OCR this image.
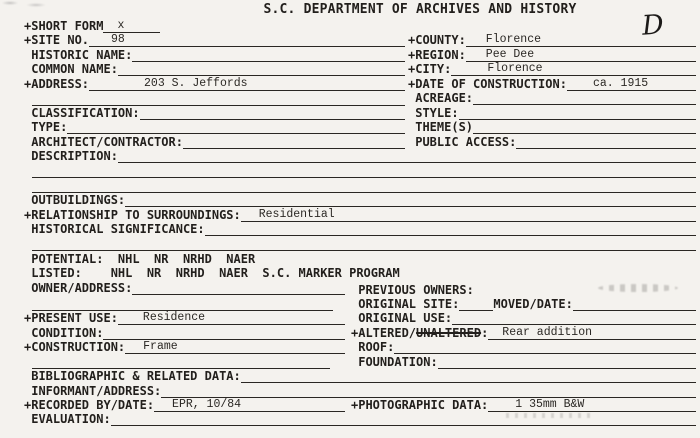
S.C. DEPARTMENT OF ARCHIVES AND HISTORY	D
+SHORT FORM	x
+SITE NO.	98	+COUNTY:	Florence
HISTORIC NAME:	+REGION:	Pee Dee
COMMON NAME:	+CITY:	Florence
+ADDRESS:	203 S. Jeffords	+DATE OF CONSTRUCTION:	ca. 1915
ACREAGE:
CLASSIFICATION:	STYLE:
TYPE:	THEME(S)
ARCHITECT/CONTRACTOR:	PUBLIC ACCESS:
DESCRIPTION:
OUTBUILDINGS:
+RELATIONSHIP TO SURROUNDINGS:	Residential
HISTORICAL SIGNIFICANCE:
POTENTIAL:  NHL  NR  NRHD  NAER
LISTED:    NHL  NR  NRHD  NAER  S.C. MARKER PROGRAM
OWNER/ADDRESS:	PREVIOUS OWNERS:
ORIGINAL SITE:	MOVED/DATE:
+PRESENT USE:	Residence	ORIGINAL USE:
CONDITION:	+ALTERED/ UNALTERED :	Rear addition
+CONSTRUCTION:	Frame	ROOF:
FOUNDATION:
BIBLIOGRAPHIC & RELATED DATA:
INFORMANT/ADDRESS:
+RECORDED BY/DATE:	EPR, 10/84	+PHOTOGRAPHIC DATA:	1 35mm B&W
EVALUATION:
